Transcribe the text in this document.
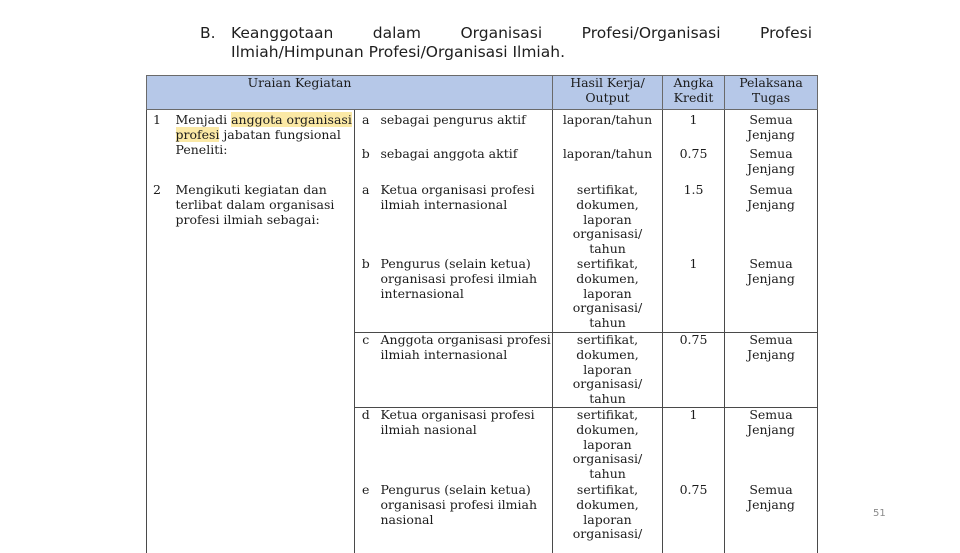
B. Keanggotaan	dalam	Organisasi	Profesi/Organisasi	Profesi
Ilmiah/Himpunan Profesi/Organisasi Ilmiah.
Uraian Kegiatan				Hasil Kerja/ Output	Angka Kredit	Pelaksana Tugas
1	Menjadi anggota organisasi profesi jabatan fungsional Peneliti:	a	sebagai pengurus aktif	laporan/tahun	1	Semua Jenjang
		b	sebagai anggota aktif	laporan/tahun	0.75	Semua Jenjang
2	Mengikuti kegiatan dan terlibat dalam organisasi profesi ilmiah sebagai:	a	Ketua organisasi profesi ilmiah internasional	sertifikat, dokumen, laporan organisasi/ tahun	1.5	Semua Jenjang
		b	Pengurus (selain ketua) organisasi profesi ilmiah internasional	sertifikat, dokumen, laporan organisasi/ tahun	1	Semua Jenjang
		c	Anggota organisasi profesi ilmiah internasional	sertifikat, dokumen, laporan organisasi/ tahun	0.75	Semua Jenjang
		d	Ketua organisasi profesi ilmiah nasional	sertifikat, dokumen, laporan organisasi/ tahun	1	Semua Jenjang
		e	Pengurus (selain ketua) organisasi profesi ilmiah nasional	sertifikat, dokumen, laporan organisasi/	0.75	Semua Jenjang
51
